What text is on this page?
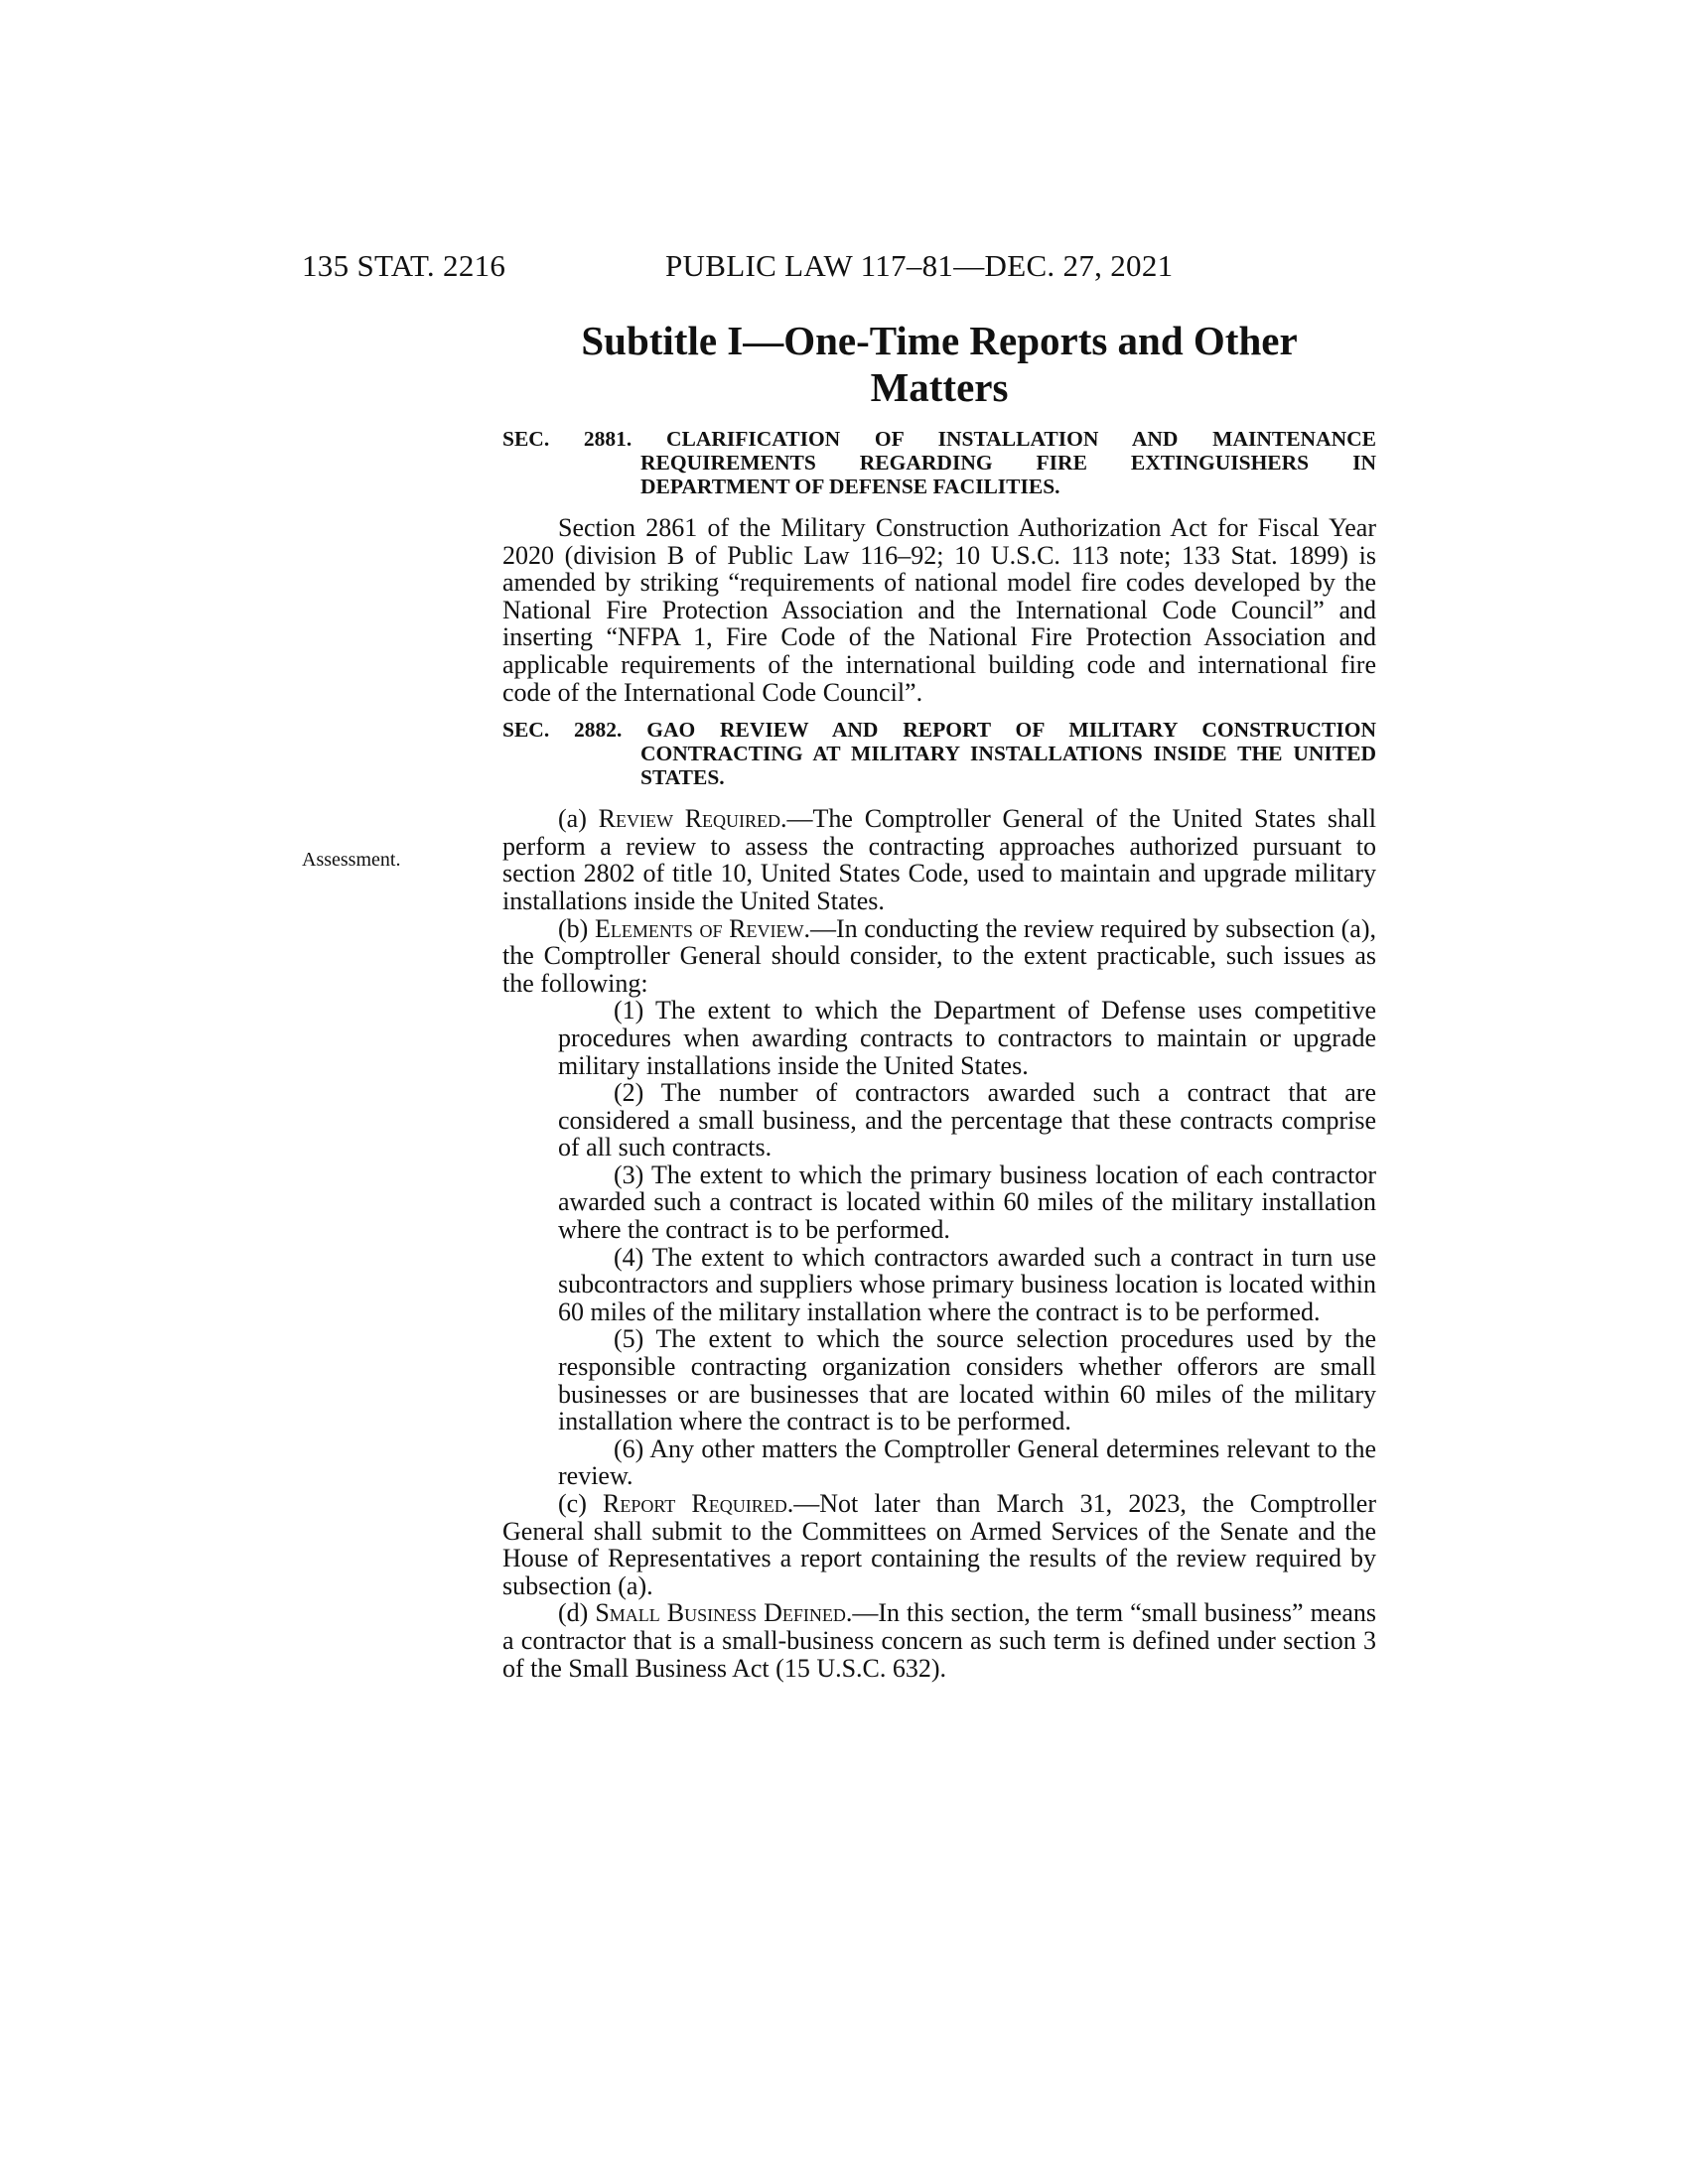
135 STAT. 2216	PUBLIC LAW 117–81—DEC. 27, 2021
Subtitle I—One-Time Reports and Other
Matters
Assessment.

SEC. 2881. CLARIFICATION OF INSTALLATION AND MAINTENANCE REQUIREMENTS REGARDING FIRE EXTINGUISHERS IN DEPARTMENT OF DEFENSE FACILITIES.

Section 2861 of the Military Construction Authorization Act for Fiscal Year 2020 (division B of Public Law 116–92; 10 U.S.C. 113 note; 133 Stat. 1899) is amended by striking “requirements of national model fire codes developed by the National Fire Protection Association and the International Code Council” and inserting “NFPA 1, Fire Code of the National Fire Protection Association and applicable requirements of the international building code and international fire code of the International Code Council”.

SEC. 2882. GAO REVIEW AND REPORT OF MILITARY CONSTRUCTION CONTRACTING AT MILITARY INSTALLATIONS INSIDE THE UNITED STATES.

(a) Review Required.—The Comptroller General of the United States shall perform a review to assess the contracting approaches authorized pursuant to section 2802 of title 10, United States Code, used to maintain and upgrade military installations inside the United States.

(b) Elements of Review.—In conducting the review required by subsection (a), the Comptroller General should consider, to the extent practicable, such issues as the following:

(1) The extent to which the Department of Defense uses competitive procedures when awarding contracts to contractors to maintain or upgrade military installations inside the United States.

(2) The number of contractors awarded such a contract that are considered a small business, and the percentage that these contracts comprise of all such contracts.

(3) The extent to which the primary business location of each contractor awarded such a contract is located within 60 miles of the military installation where the contract is to be performed.

(4) The extent to which contractors awarded such a contract in turn use subcontractors and suppliers whose primary business location is located within 60 miles of the military installation where the contract is to be performed.

(5) The extent to which the source selection procedures used by the responsible contracting organization considers whether offerors are small businesses or are businesses that are located within 60 miles of the military installation where the contract is to be performed.

(6) Any other matters the Comptroller General determines relevant to the review.

(c) Report Required.—Not later than March 31, 2023, the Comptroller General shall submit to the Committees on Armed Services of the Senate and the House of Representatives a report containing the results of the review required by subsection (a).

(d) Small Business Defined.—In this section, the term “small business” means a contractor that is a small-business concern as such term is defined under section 3 of the Small Business Act (15 U.S.C. 632).
